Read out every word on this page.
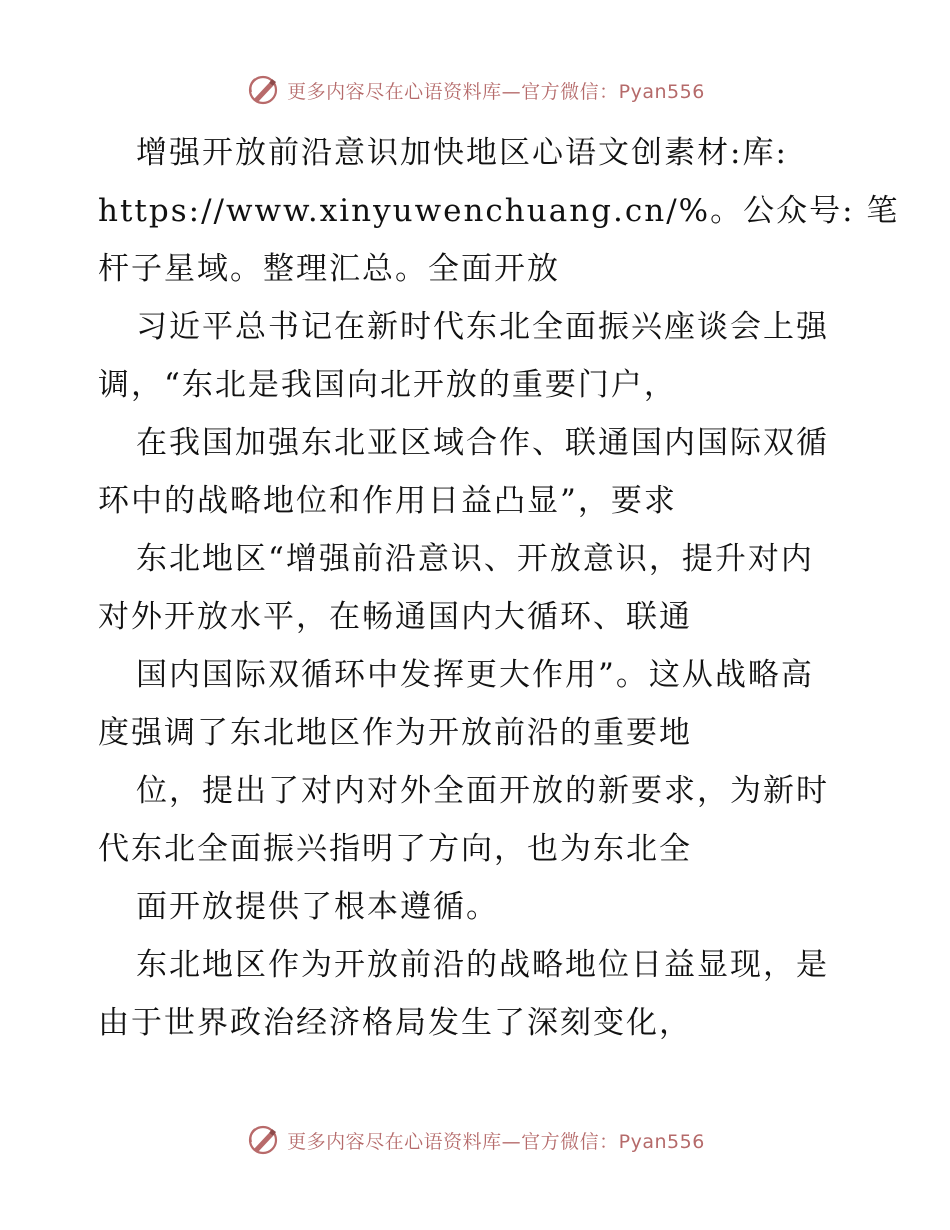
更多内容尽在心语资料库—官方微信：Pyan556
增强开放前沿意识加快地区心语文创素材:库:
https://www.xinyuwenchuang.cn/%。公众号: 笔
杆子星域。整理汇总。全面开放
习近平总书记在新时代东北全面振兴座谈会上强
调，“东北是我国向北开放的重要门户，
在我国加强东北亚区域合作、联通国内国际双循
环中的战略地位和作用日益凸显”，要求
东北地区“增强前沿意识、开放意识，提升对内
对外开放水平，在畅通国内大循环、联通
国内国际双循环中发挥更大作用”。这从战略高
度强调了东北地区作为开放前沿的重要地
位，提出了对内对外全面开放的新要求，为新时
代东北全面振兴指明了方向，也为东北全
面开放提供了根本遵循。
东北地区作为开放前沿的战略地位日益显现，是
由于世界政治经济格局发生了深刻变化，
更多内容尽在心语资料库—官方微信：Pyan556
